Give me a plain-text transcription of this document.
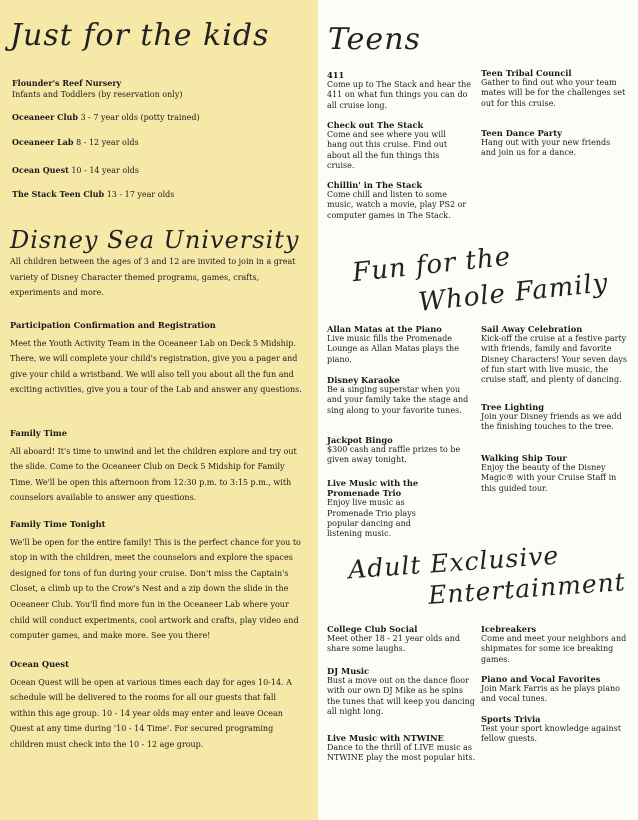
Just for the kids
Flounder's Reef Nursery
Infants and Toddlers (by reservation only)
Oceaneer Club 3 - 7 year olds (potty trained)
Oceaneer Lab 8 - 12 year olds
Ocean Quest 10 - 14 year olds
The Stack Teen Club 13 - 17 year olds
Disney Sea University
All children between the ages of 3 and 12 are invited to join in a great variety of Disney Character themed programs, games, crafts, experiments and more.
Participation Confirmation and Registration
Meet the Youth Activity Team in the Oceaneer Lab on Deck 5 Midship. There, we will complete your child's registration, give you a pager and give your child a wristband. We will also tell you about all the fun and exciting activities, give you a tour of the Lab and answer any questions.
Family Time
All aboard! It's time to unwind and let the children explore and try out the slide. Come to the Oceaneer Club on Deck 5 Midship for Family Time. We'll be open this afternoon from 12:30 p.m. to 3:15 p.m., with counselors available to answer any questions.
Family Time Tonight
We'll be open for the entire family! This is the perfect chance for you to stop in with the children, meet the counselors and explore the spaces designed for tons of fun during your cruise. Don't miss the Captain's Closet, a climb up to the Crow's Nest and a zip down the slide in the Oceaneer Club. You'll find more fun in the Oceaneer Lab where your child will conduct experiments, cool artwork and crafts, play video and computer games, and make more. See you there!
Ocean Quest
Ocean Quest will be open at various times each day for ages 10-14. A schedule will be delivered to the rooms for all our guests that fall within this age group. 10 - 14 year olds may enter and leave Ocean Quest at any time during '10 - 14 Time'. For secured programing children must check into the 10 - 12 age group.
Teens
411
Come up to The Stack and hear the 411 on what fun things you can do all cruise long.
Check out The Stack
Come and see where you will hang out this cruise. Find out about all the fun things this cruise.
Chillin' in The Stack
Come chill and listen to some music, watch a movie, play PS2 or computer games in The Stack.
Teen Tribal Council
Gather to find out who your team mates will be for the challenges set out for this cruise.
Teen Dance Party
Hang out with your new friends and join us for a dance.
Fun for the
Whole Family
Allan Matas at the Piano
Live music fills the Promenade Lounge as Allan Matas plays the piano.
Disney Karaoke
Be a singing superstar when you and your family take the stage and sing along to your favorite tunes.
Jackpot Bingo
$300 cash and raffle prizes to be given away tonight.
Live Music with the Promenade Trio
Enjoy live music as Promenade Trio plays popular dancing and listening music.
Sail Away Celebration
Kick-off the cruise at a festive party with friends, family and favorite Disney Characters! Your seven days of fun start with live music, the cruise staff, and plenty of dancing.
Tree Lighting
Join your Disney friends as we add the finishing touches to the tree.
Walking Ship Tour
Enjoy the beauty of the Disney Magic® with your Cruise Staff in this guided tour.
Adult Exclusive
Entertainment
College Club Social
Meet other 18 - 21 year olds and share some laughs.
DJ Music
Bust a move out on the dance floor with our own DJ Mike as he spins the tunes that will keep you dancing all night long.
Live Music with NTWINE
Dance to the thrill of LIVE music as NTWINE play the most popular hits.
Icebreakers
Come and meet your neighbors and shipmates for some ice breaking games.
Piano and Vocal Favorites
Join Mark Farris as he plays piano and vocal tunes.
Sports Trivia
Test your sport knowledge against fellow guests.
